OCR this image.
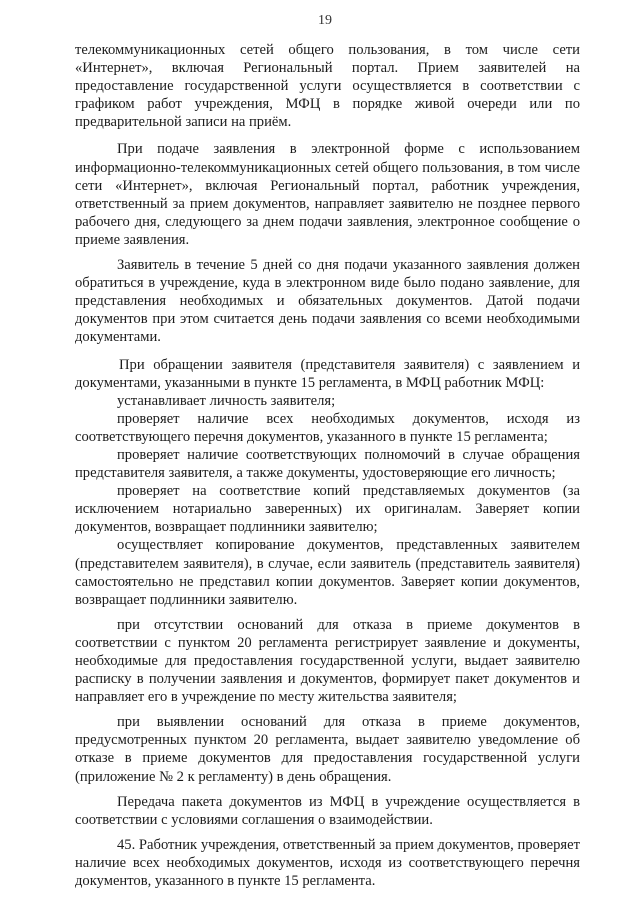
19

телекоммуникационных сетей общего пользования, в том числе сети «Интернет», включая Региональный портал. Прием заявителей на предоставление государственной услуги осуществляется в соответствии с графиком работ учреждения, МФЦ в порядке живой очереди или по предварительной записи на приём.

При подаче заявления в электронной форме с использованием информационно-телекоммуникационных сетей общего пользования, в том числе сети «Интернет», включая Региональный портал, работник учреждения, ответственный за прием документов, направляет заявителю не позднее первого рабочего дня, следующего за днем подачи заявления, электронное сообщение о приеме заявления.

Заявитель в течение 5 дней со дня подачи указанного заявления должен обратиться в учреждение, куда в электронном виде было подано заявление, для представления необходимых и обязательных документов. Датой подачи документов при этом считается день подачи заявления со всеми необходимыми документами.

При обращении заявителя (представителя заявителя) с заявлением и документами, указанными в пункте 15 регламента, в МФЦ работник МФЦ:

устанавливает личность заявителя;

проверяет наличие всех необходимых документов, исходя из соответствующего перечня документов, указанного в пункте 15 регламента;

проверяет наличие соответствующих полномочий в случае обращения представителя заявителя, а также документы, удостоверяющие его личность;

проверяет на соответствие копий представляемых документов (за исключением нотариально заверенных) их оригиналам. Заверяет копии документов, возвращает подлинники заявителю;

осуществляет копирование документов, представленных заявителем (представителем заявителя), в случае, если заявитель (представитель заявителя) самостоятельно не представил копии документов. Заверяет копии документов, возвращает подлинники заявителю.

при отсутствии оснований для отказа в приеме документов в соответствии с пунктом 20 регламента регистрирует заявление и документы, необходимые для предоставления государственной услуги, выдает заявителю расписку в получении заявления и документов, формирует пакет документов и направляет его в учреждение по месту жительства заявителя;

при выявлении оснований для отказа в приеме документов, предусмотренных пунктом 20 регламента, выдает заявителю уведомление об отказе в приеме документов для предоставления государственной услуги (приложение № 2 к регламенту) в день обращения.

Передача пакета документов из МФЦ в учреждение осуществляется в соответствии с условиями соглашения о взаимодействии.

45. Работник учреждения, ответственный за прием документов, проверяет наличие всех необходимых документов, исходя из соответствующего перечня документов, указанного в пункте 15 регламента.
